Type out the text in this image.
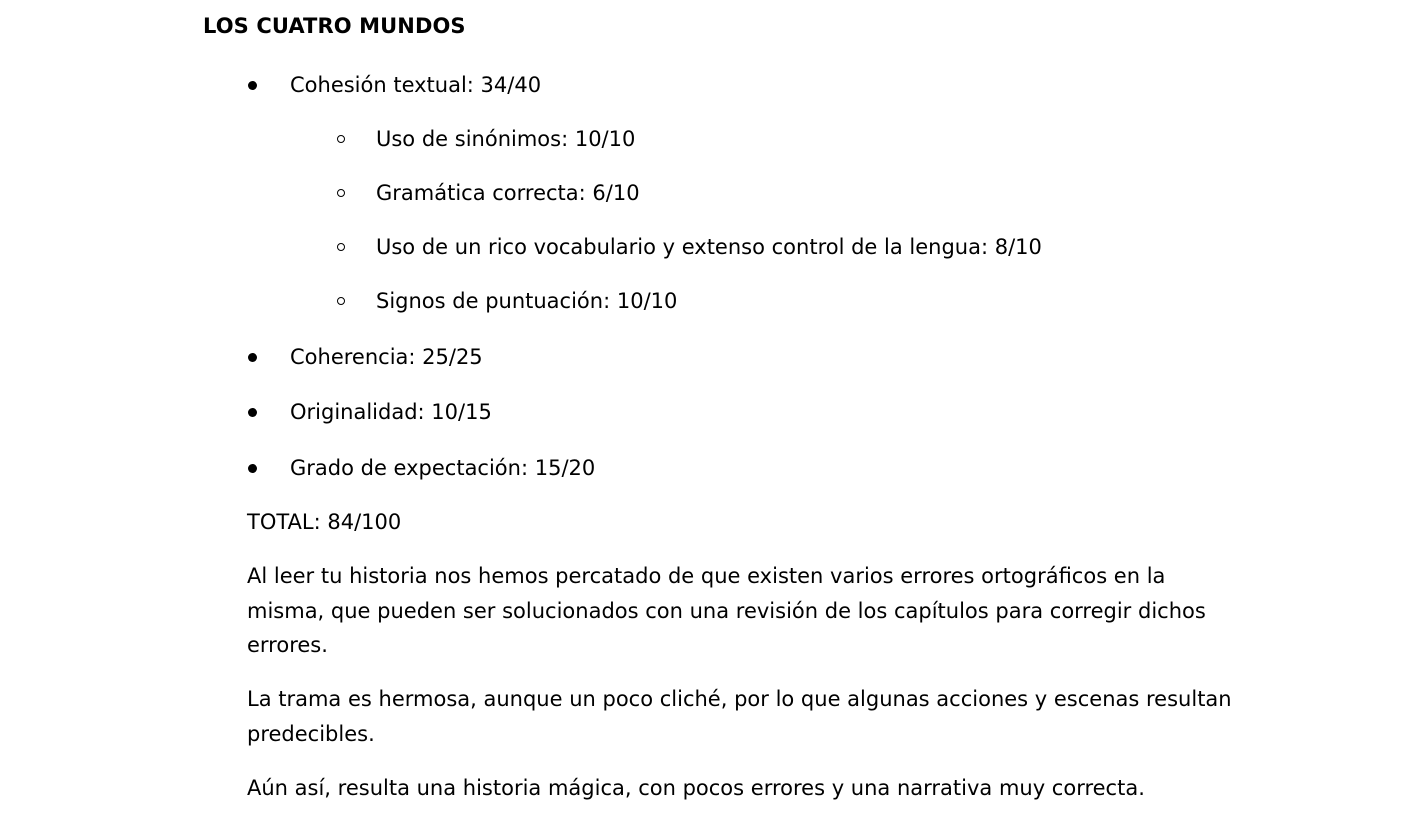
LOS CUATRO MUNDOS
Cohesión textual: 34/40
Uso de sinónimos: 10/10
Gramática correcta: 6/10
Uso de un rico vocabulario y extenso control de la lengua: 8/10
Signos de puntuación: 10/10
Coherencia: 25/25
Originalidad: 10/15
Grado de expectación: 15/20
TOTAL: 84/100
Al leer tu historia nos hemos percatado de que existen varios errores ortográficos en la misma, que pueden ser solucionados con una revisión de los capítulos para corregir dichos errores.
La trama es hermosa, aunque un poco cliché, por lo que algunas acciones y escenas resultan predecibles.
Aún así, resulta una historia mágica, con pocos errores y una narrativa muy correcta.
